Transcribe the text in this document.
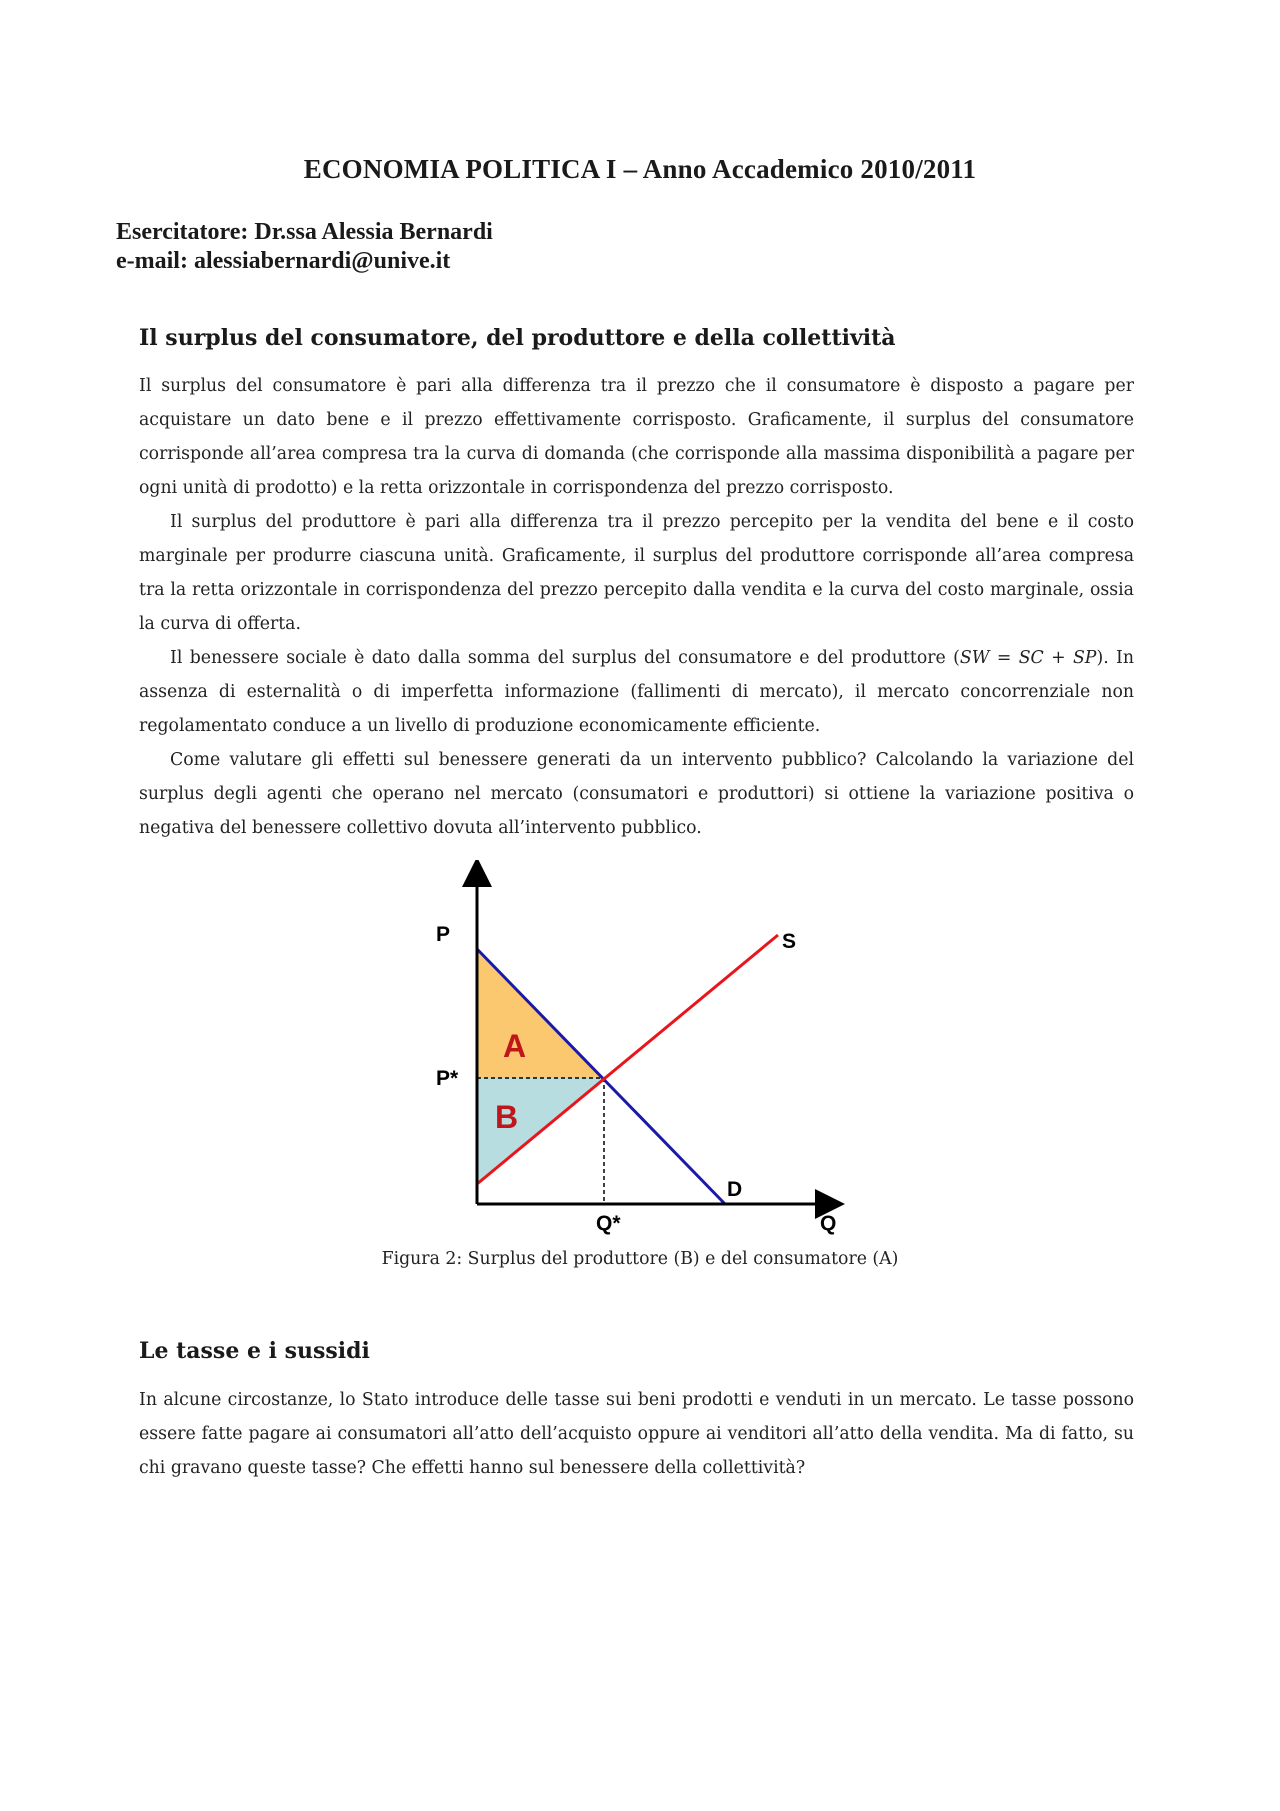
ECONOMIA POLITICA I – Anno Accademico 2010/2011
Esercitatore: Dr.ssa Alessia Bernardi
e-mail: alessiabernardi@unive.it
Il surplus del consumatore, del produttore e della collettività

Il surplus del consumatore è pari alla differenza tra il prezzo che il consumatore è disposto a pagare per acquistare un dato bene e il prezzo effettivamente corrisposto. Graficamente, il surplus del consumatore corrisponde all’area compresa tra la curva di domanda (che corrisponde alla massima disponibilità a pagare per ogni unità di prodotto) e la retta orizzontale in corrispondenza del prezzo corrisposto.

Il surplus del produttore è pari alla differenza tra il prezzo percepito per la vendita del bene e il costo marginale per produrre ciascuna unità. Graficamente, il surplus del produttore corrisponde all’area compresa tra la retta orizzontale in corrispondenza del prezzo percepito dalla vendita e la curva del costo marginale, ossia la curva di offerta.

Il benessere sociale è dato dalla somma del surplus del consumatore e del produttore (SW = SC + SP). In assenza di esternalità o di imperfetta informazione (fallimenti di mercato), il mercato concorrenziale non regolamentato conduce a un livello di produzione economicamente efficiente.

Come valutare gli effetti sul benessere generati da un intervento pubblico? Calcolando la variazione del surplus degli agenti che operano nel mercato (consumatori e produttori) si ottiene la variazione positiva o negativa del benessere collettivo dovuta all’intervento pubblico.

P
P*
S
D
Q*	Q
A
B
Figura 2: Surplus del produttore (B) e del consumatore (A)
Le tasse e i sussidi

In alcune circostanze, lo Stato introduce delle tasse sui beni prodotti e venduti in un mercato. Le tasse possono essere fatte pagare ai consumatori all’atto dell’acquisto oppure ai venditori all’atto della vendita. Ma di fatto, su chi gravano queste tasse? Che effetti hanno sul benessere della collettività?
